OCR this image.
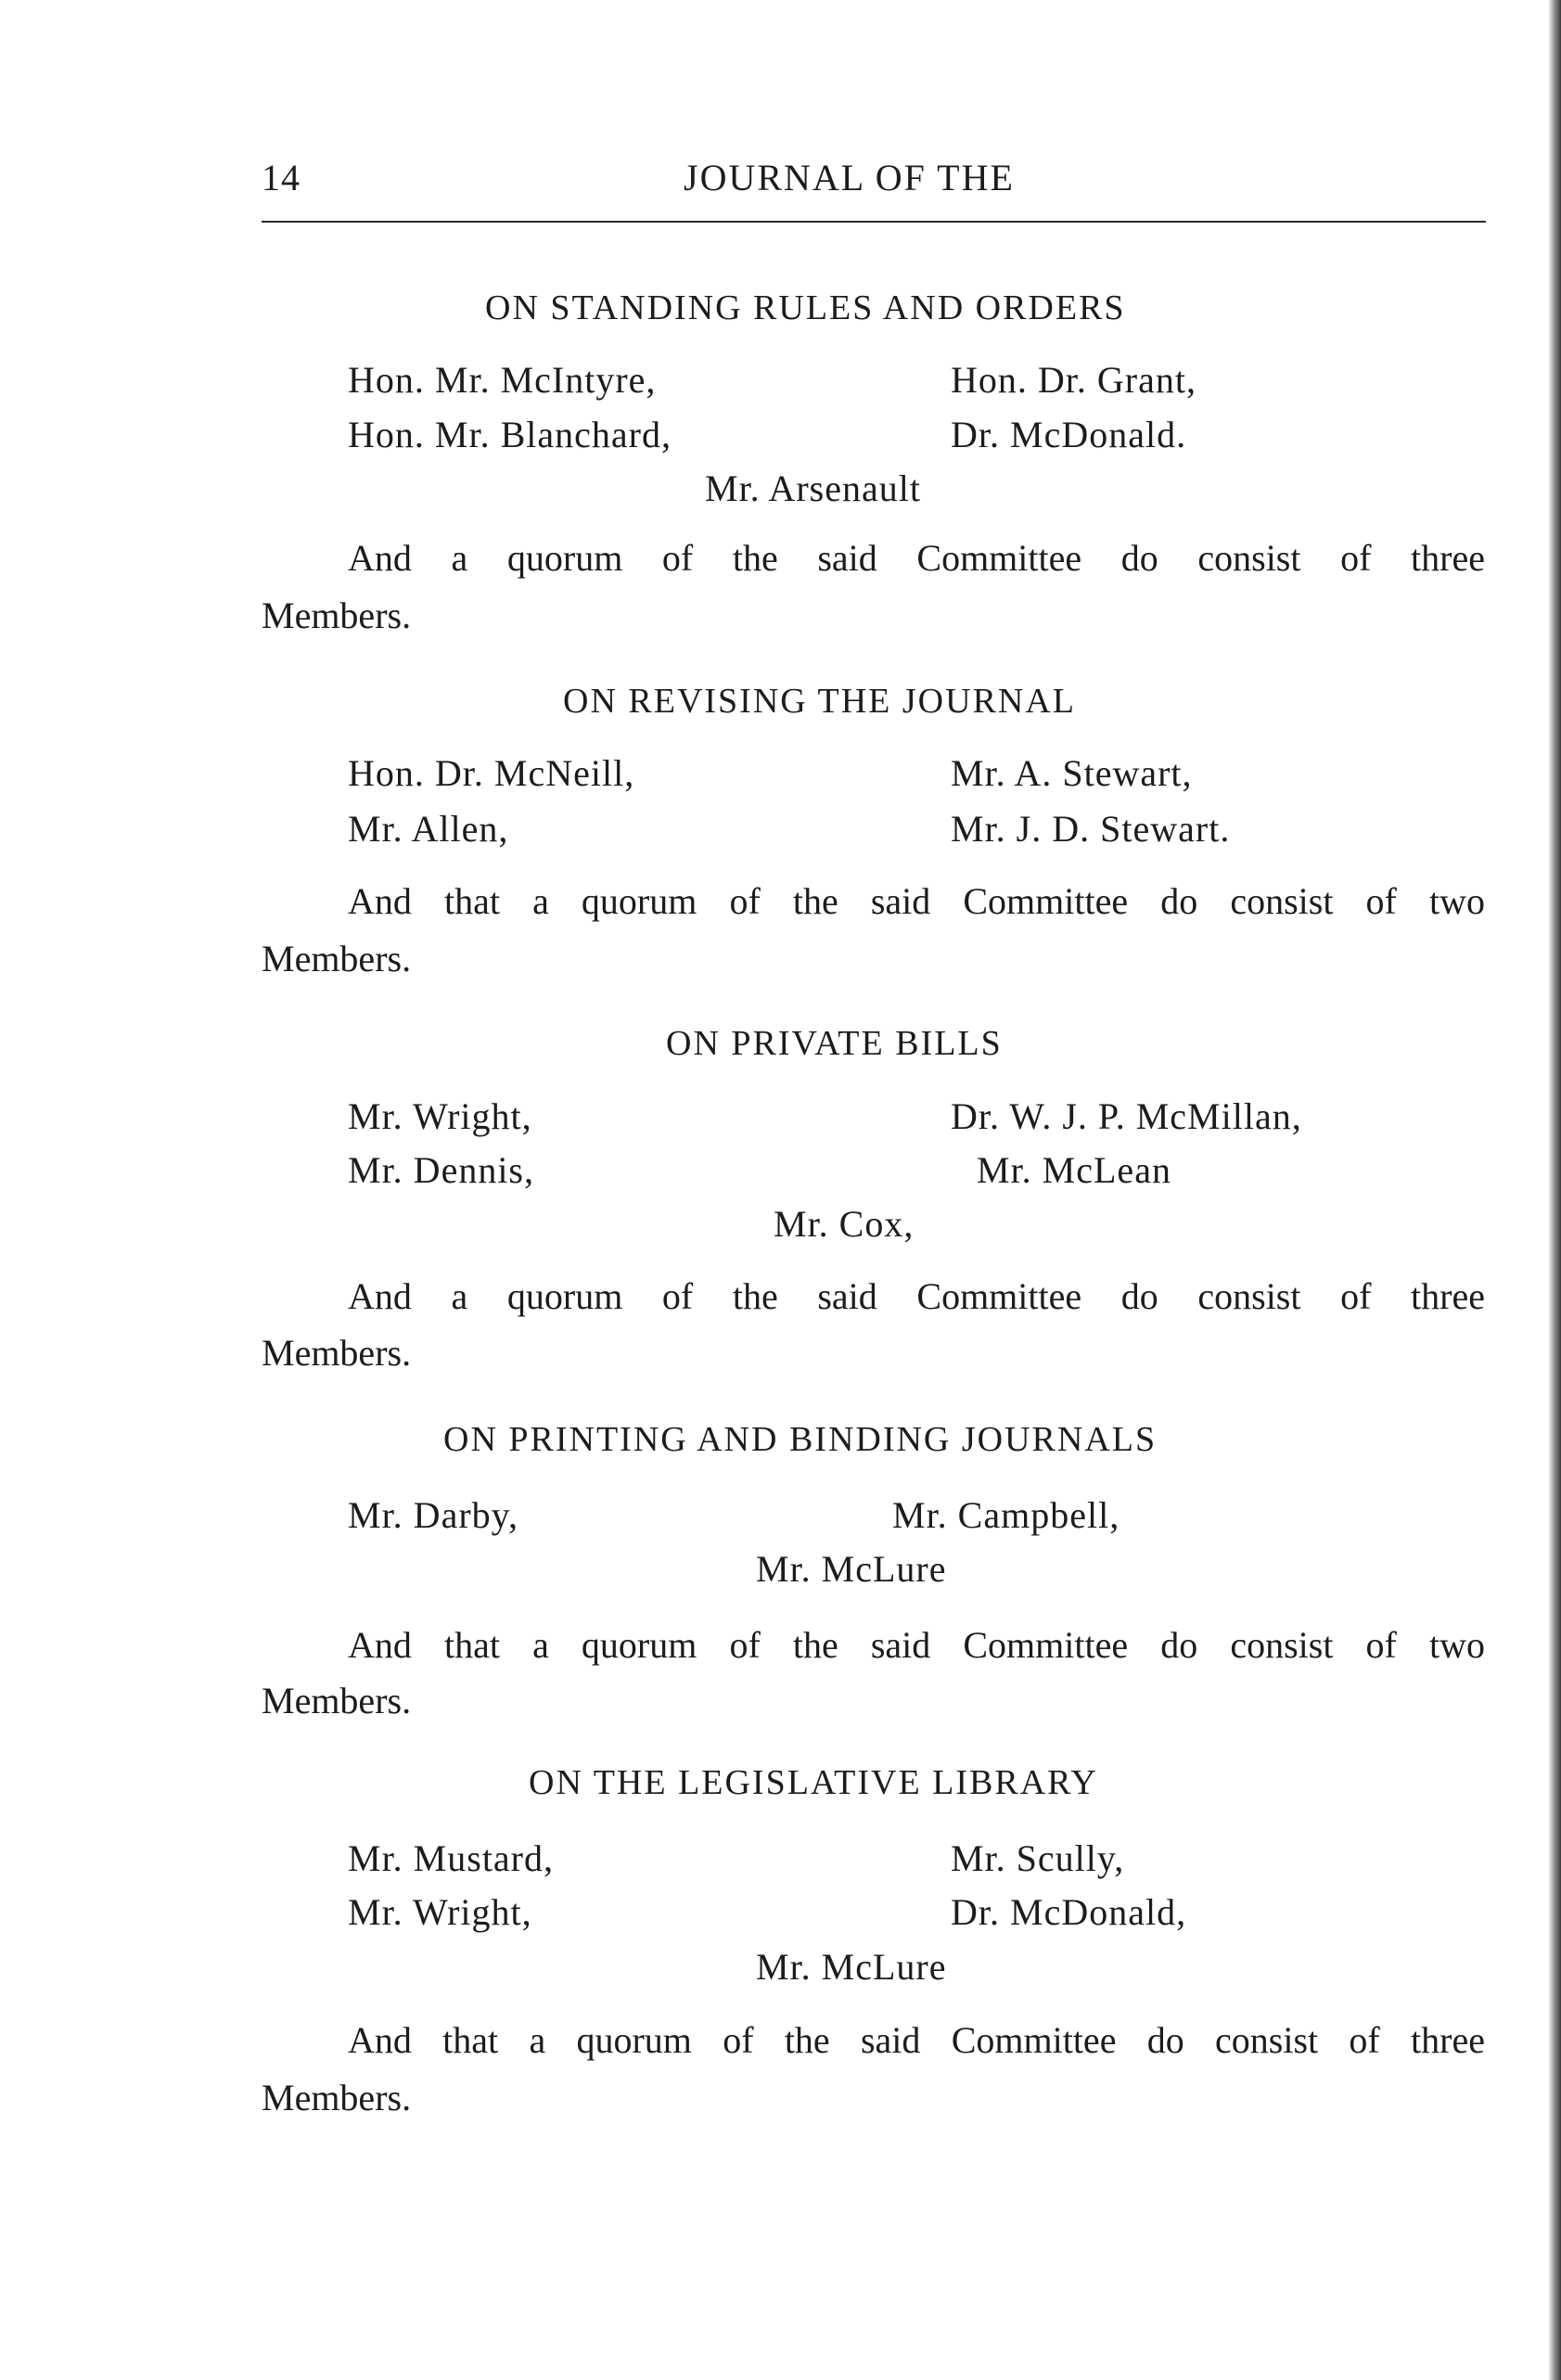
14	JOURNAL OF THE
ON STANDING RULES AND ORDERS
Hon. Mr. McIntyre,	Hon. Dr. Grant,
Hon. Mr. Blanchard,	Dr. McDonald.
Mr. Arsenault
And a quorum of the said Committee do consist of three
Members.
ON REVISING THE JOURNAL
Hon. Dr. McNeill,	Mr. A. Stewart,
Mr. Allen,	Mr. J. D. Stewart.
And that a quorum of the said Committee do consist of two
Members.
ON PRIVATE BILLS
Mr. Wright,	Dr. W. J. P. McMillan,
Mr. Dennis,	Mr. McLean
Mr. Cox,
And a quorum of the said Committee do consist of three
Members.
ON PRINTING AND BINDING JOURNALS
Mr. Darby,	Mr. Campbell,
Mr. McLure
And that a quorum of the said Committee do consist of two
Members.
ON THE LEGISLATIVE LIBRARY
Mr. Mustard,	Mr. Scully,
Mr. Wright,	Dr. McDonald,
Mr. McLure
And that a quorum of the said Committee do consist of three
Members.
